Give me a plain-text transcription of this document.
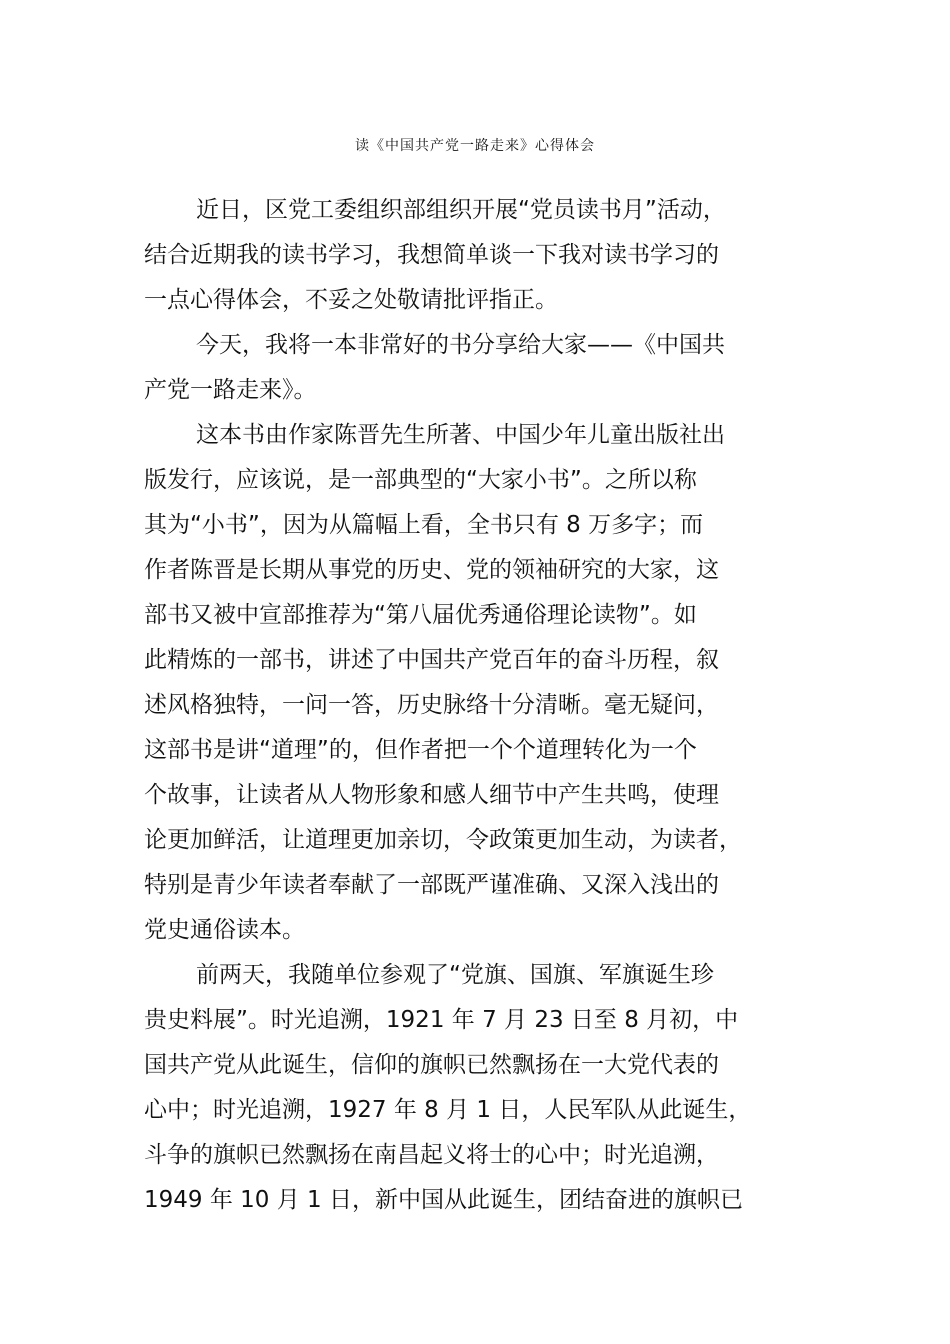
读《中国共产党一路走来》心得体会
近日，区党工委组织部组织开展“党员读书月”活动，
结合近期我的读书学习，我想简单谈一下我对读书学习的
一点心得体会，不妥之处敬请批评指正。
今天，我将一本非常好的书分享给大家——《中国共
产党一路走来》。
这本书由作家陈晋先生所著、中国少年儿童出版社出
版发行，应该说，是一部典型的“大家小书”。之所以称
其为“小书”，因为从篇幅上看，全书只有 8 万多字；而
作者陈晋是长期从事党的历史、党的领袖研究的大家，这
部书又被中宣部推荐为“第八届优秀通俗理论读物”。如
此精炼的一部书，讲述了中国共产党百年的奋斗历程，叙
述风格独特，一问一答，历史脉络十分清晰。毫无疑问，
这部书是讲“道理”的，但作者把一个个道理转化为一个
个故事，让读者从人物形象和感人细节中产生共鸣，使理
论更加鲜活，让道理更加亲切，令政策更加生动，为读者，
特别是青少年读者奉献了一部既严谨准确、又深入浅出的
党史通俗读本。
前两天，我随单位参观了“党旗、国旗、军旗诞生珍
贵史料展”。时光追溯，1921 年 7 月 23 日至 8 月初，中
国共产党从此诞生，信仰的旗帜已然飘扬在一大党代表的
心中；时光追溯，1927 年 8 月 1 日，人民军队从此诞生，
斗争的旗帜已然飘扬在南昌起义将士的心中；时光追溯，
1949 年 10 月 1 日，新中国从此诞生，团结奋进的旗帜已
